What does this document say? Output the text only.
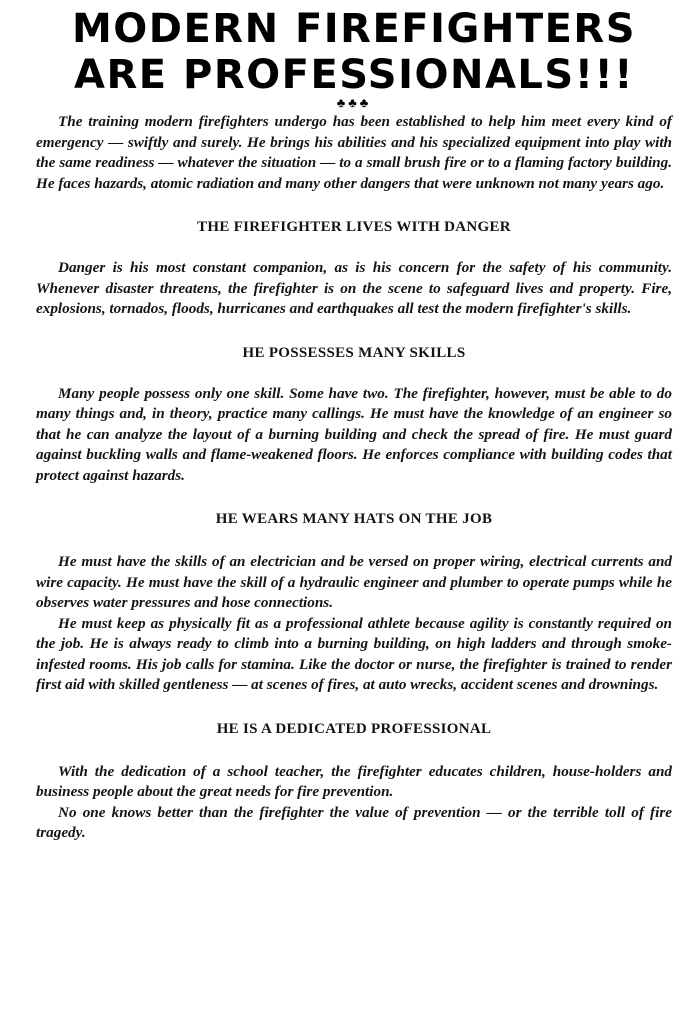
MODERN FIREFIGHTERS
ARE PROFESSIONALS!!!
♣♣♣

The training modern firefighters undergo has been established to help him meet every kind of emergency — swiftly and surely. He brings his abilities and his specialized equipment into play with the same readiness — whatever the situation — to a small brush fire or to a flaming factory building. He faces hazards, atomic radiation and many other dangers that were unknown not many years ago.

THE FIREFIGHTER LIVES WITH DANGER

Danger is his most constant companion, as is his concern for the safety of his community. Whenever disaster threatens, the firefighter is on the scene to safeguard lives and property. Fire, explosions, tornados, floods, hurricanes and earthquakes all test the modern firefighter's skills.

HE POSSESSES MANY SKILLS

Many people possess only one skill. Some have two. The firefighter, however, must be able to do many things and, in theory, practice many callings. He must have the knowledge of an engineer so that he can analyze the layout of a burning building and check the spread of fire. He must guard against buckling walls and flame-weakened floors. He enforces compliance with building codes that protect against hazards.

HE WEARS MANY HATS ON THE JOB

He must have the skills of an electrician and be versed on proper wiring, electrical currents and wire capacity. He must have the skill of a hydraulic engineer and plumber to operate pumps while he observes water pressures and hose connections.

He must keep as physically fit as a professional athlete because agility is constantly required on the job. He is always ready to climb into a burning building, on high ladders and through smoke-infested rooms. His job calls for stamina. Like the doctor or nurse, the firefighter is trained to render first aid with skilled gentleness — at scenes of fires, at auto wrecks, accident scenes and drownings.

HE IS A DEDICATED PROFESSIONAL

With the dedication of a school teacher, the firefighter educates children, house-holders and business people about the great needs for fire prevention.

No one knows better than the firefighter the value of prevention — or the terrible toll of fire tragedy.
